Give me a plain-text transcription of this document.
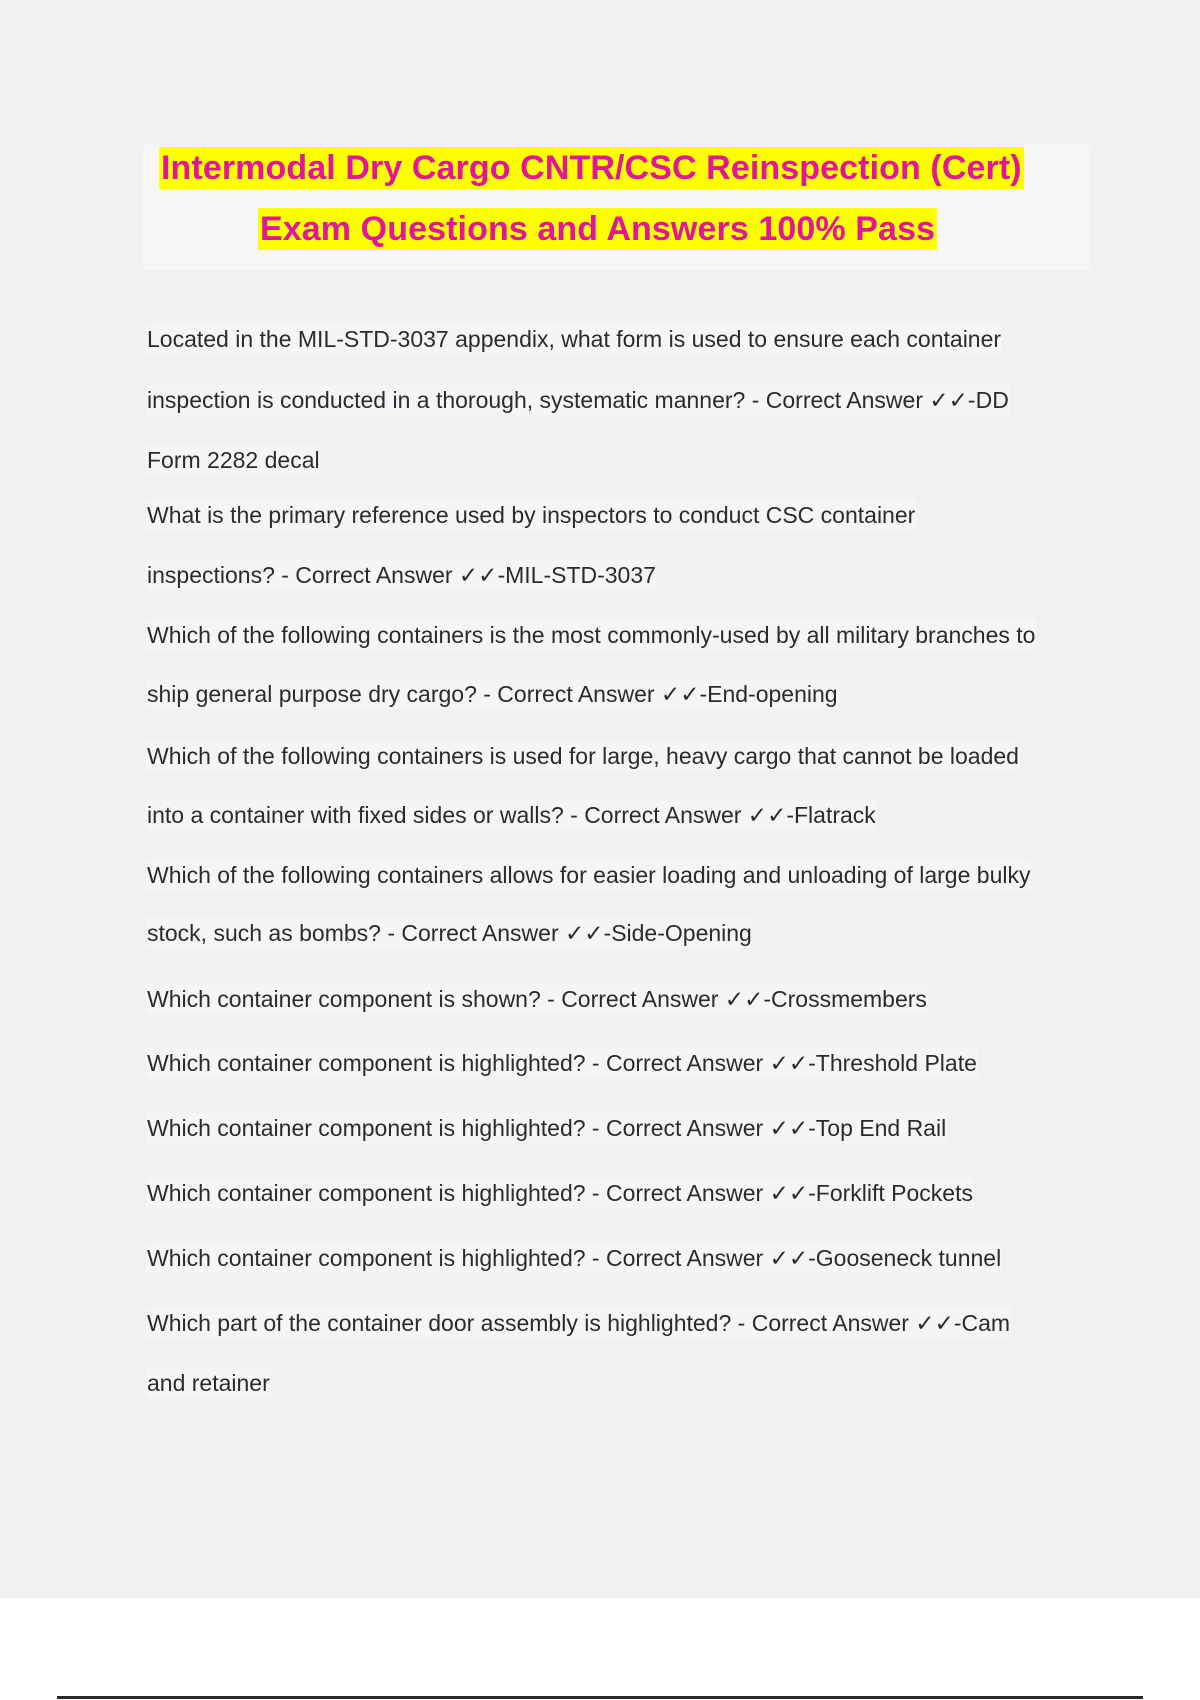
Intermodal Dry Cargo CNTR/CSC Reinspection (Cert)
Exam Questions and Answers 100% Pass
Located in the MIL-STD-3037 appendix, what form is used to ensure each container
inspection is conducted in a thorough, systematic manner? - Correct Answer ✓✓-DD
Form 2282 decal
What is the primary reference used by inspectors to conduct CSC container
inspections? - Correct Answer ✓✓-MIL-STD-3037
Which of the following containers is the most commonly-used by all military branches to
ship general purpose dry cargo? - Correct Answer ✓✓-End-opening
Which of the following containers is used for large, heavy cargo that cannot be loaded
into a container with fixed sides or walls? - Correct Answer ✓✓-Flatrack
Which of the following containers allows for easier loading and unloading of large bulky
stock, such as bombs? - Correct Answer ✓✓-Side-Opening
Which container component is shown? - Correct Answer ✓✓-Crossmembers
Which container component is highlighted? - Correct Answer ✓✓-Threshold Plate
Which container component is highlighted? - Correct Answer ✓✓-Top End Rail
Which container component is highlighted? - Correct Answer ✓✓-Forklift Pockets
Which container component is highlighted? - Correct Answer ✓✓-Gooseneck tunnel
Which part of the container door assembly is highlighted? - Correct Answer ✓✓-Cam
and retainer
